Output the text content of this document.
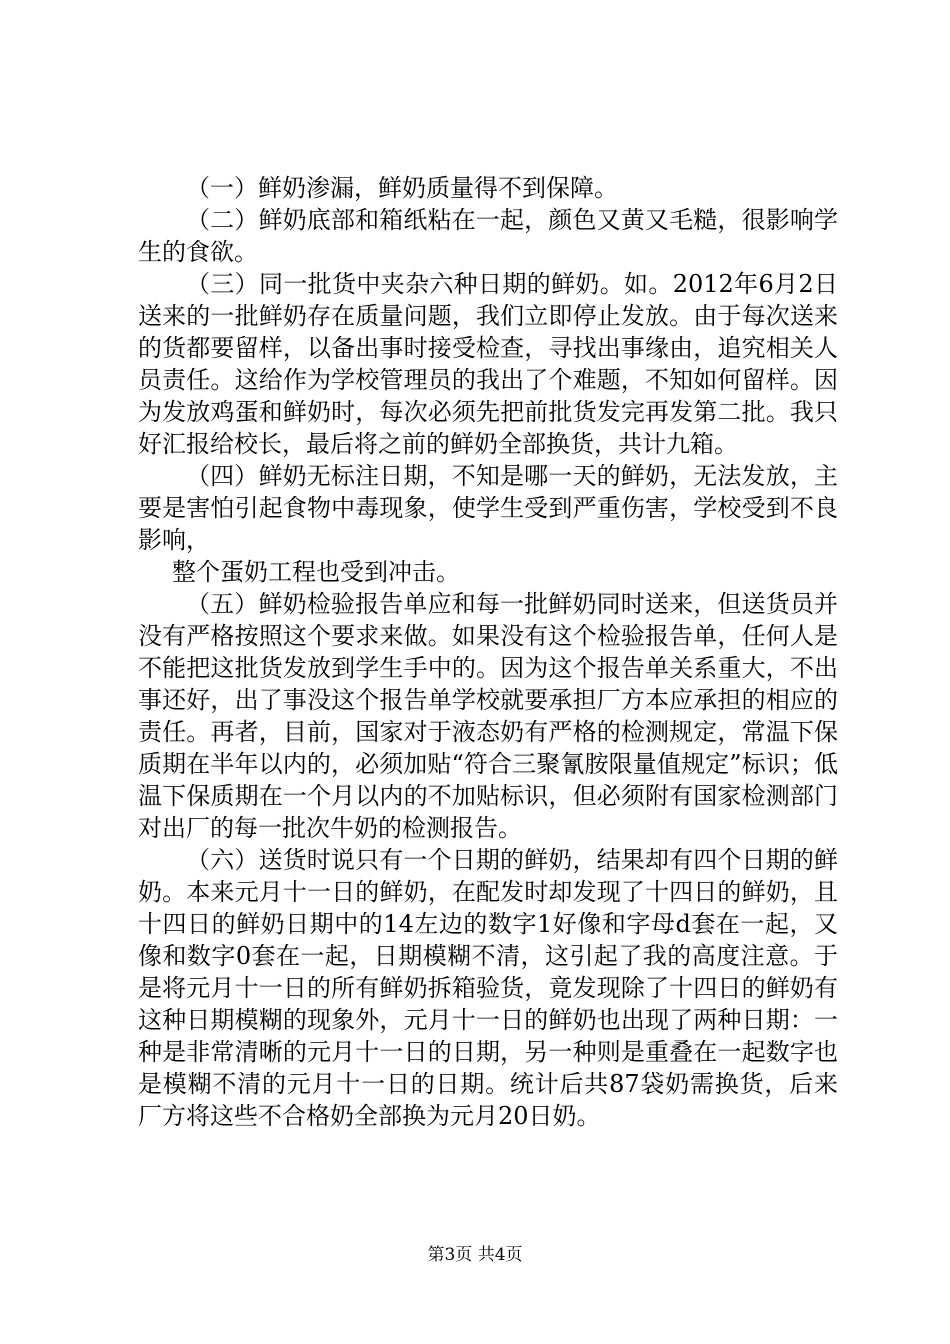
（一）鲜奶渗漏，鲜奶质量得不到保障。

（二）鲜奶底部和箱纸粘在一起，颜色又黄又毛糙，很影响学生的食欲。

（三）同一批货中夹杂六种日期的鲜奶。如。2012年6月2日送来的一批鲜奶存在质量问题，我们立即停止发放。由于每次送来的货都要留样，以备出事时接受检查，寻找出事缘由，追究相关人员责任。这给作为学校管理员的我出了个难题，不知如何留样。因为发放鸡蛋和鲜奶时，每次必须先把前批货发完再发第二批。我只好汇报给校长，最后将之前的鲜奶全部换货，共计九箱。

（四）鲜奶无标注日期，不知是哪一天的鲜奶，无法发放，主要是害怕引起食物中毒现象，使学生受到严重伤害，学校受到不良影响，

整个蛋奶工程也受到冲击。

（五）鲜奶检验报告单应和每一批鲜奶同时送来，但送货员并没有严格按照这个要求来做。如果没有这个检验报告单，任何人是不能把这批货发放到学生手中的。因为这个报告单关系重大，不出事还好，出了事没这个报告单学校就要承担厂方本应承担的相应的责任。再者，目前，国家对于液态奶有严格的检测规定，常温下保质期在半年以内的，必须加贴“符合三聚氰胺限量值规定”标识；低温下保质期在一个月以内的不加贴标识，但必须附有国家检测部门对出厂的每一批次牛奶的检测报告。

（六）送货时说只有一个日期的鲜奶，结果却有四个日期的鲜奶。本来元月十一日的鲜奶，在配发时却发现了十四日的鲜奶，且十四日的鲜奶日期中的14左边的数字1好像和字母d套在一起，又像和数字0套在一起，日期模糊不清，这引起了我的高度注意。于是将元月十一日的所有鲜奶拆箱验货，竟发现除了十四日的鲜奶有这种日期模糊的现象外，元月十一日的鲜奶也出现了两种日期：一种是非常清晰的元月十一日的日期，另一种则是重叠在一起数字也是模糊不清的元月十一日的日期。统计后共87袋奶需换货，后来厂方将这些不合格奶全部换为元月20日奶。

第3页 共4页
